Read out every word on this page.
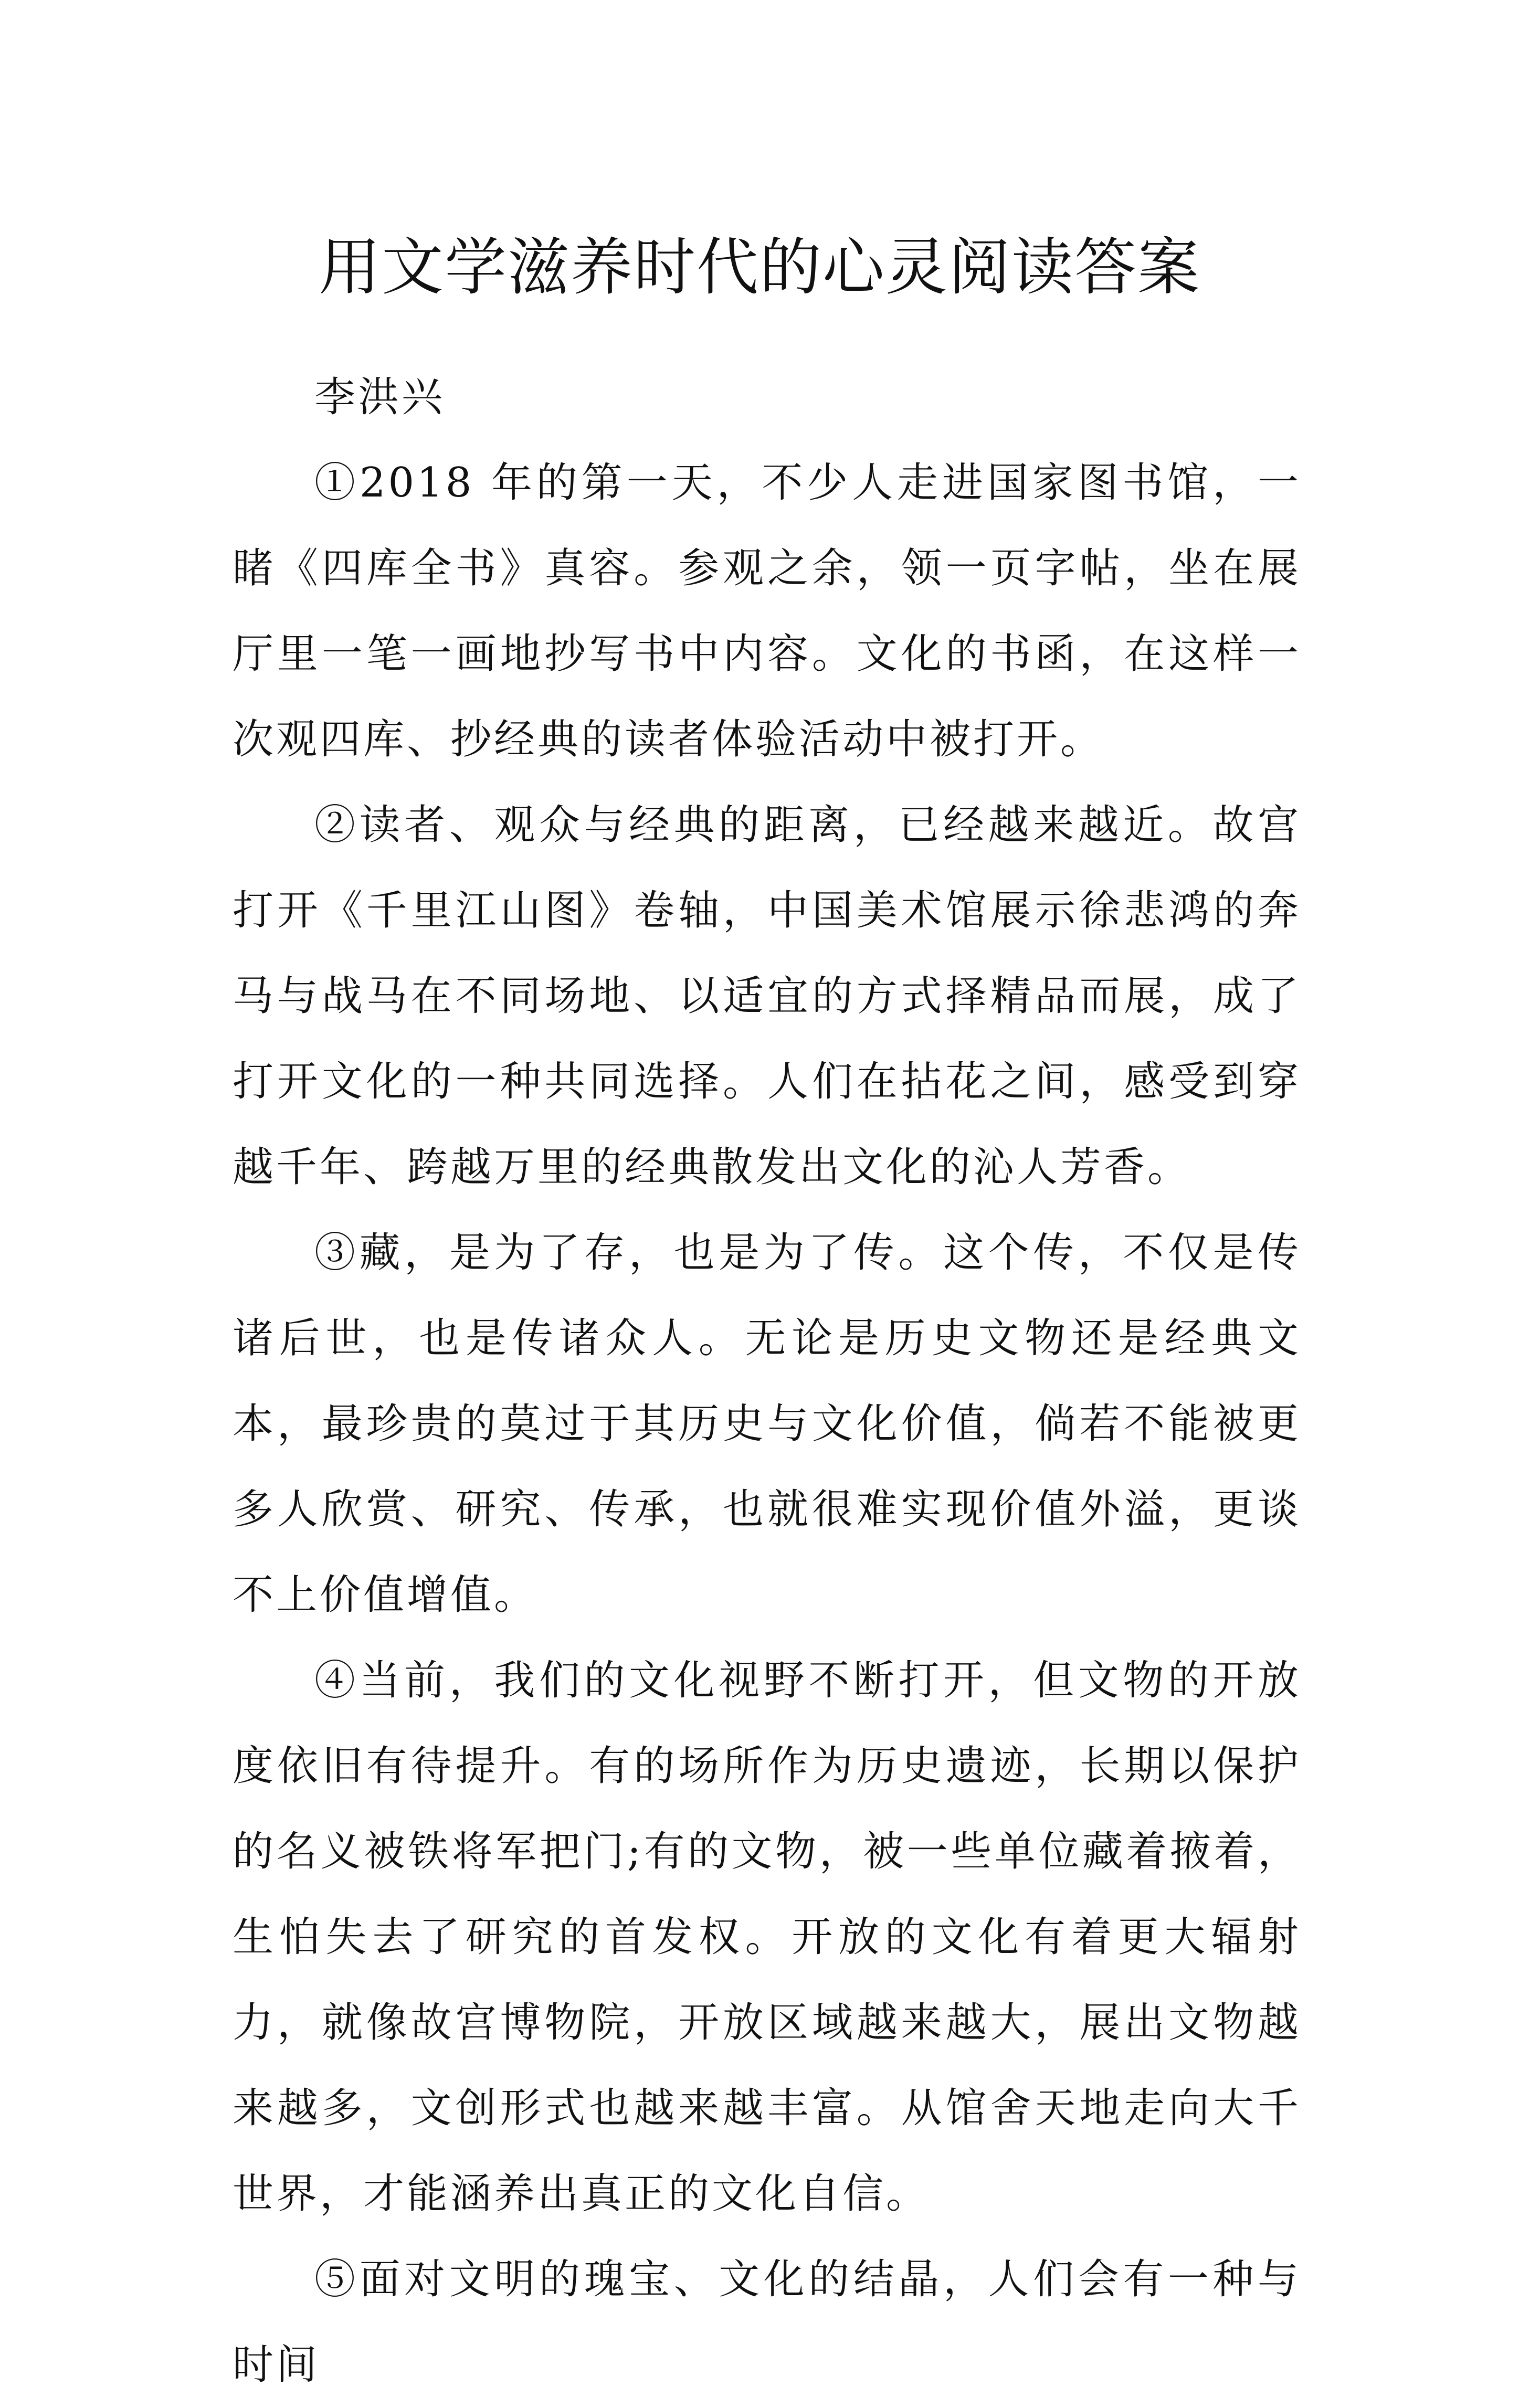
用文学滋养时代的心灵阅读答案

李洪兴

①2018 年的第一天，不少人走进国家图书馆，一睹《四库全书》真容。参观之余，领一页字帖，坐在展厅里一笔一画地抄写书中内容。文化的书函，在这样一次观四库、抄经典的读者体验活动中被打开。

②读者、观众与经典的距离，已经越来越近。故宫打开《千里江山图》卷轴，中国美术馆展示徐悲鸿的奔马与战马在不同场地、以适宜的方式择精品而展，成了打开文化的一种共同选择。人们在拈花之间，感受到穿越千年、跨越万里的经典散发出文化的沁人芳香。

③藏，是为了存，也是为了传。这个传，不仅是传诸后世，也是传诸众人。无论是历史文物还是经典文本，最珍贵的莫过于其历史与文化价值，倘若不能被更多人欣赏、研究、传承，也就很难实现价值外溢，更谈不上价值增值。

④当前，我们的文化视野不断打开，但文物的开放度依旧有待提升。有的场所作为历史遗迹，长期以保护的名义被铁将军把门;有的文物，被一些单位藏着掖着，生怕失去了研究的首发权。开放的文化有着更大辐射力，就像故宫博物院，开放区域越来越大，展出文物越来越多，文创形式也越来越丰富。从馆舍天地走向大千世界，才能涵养出真正的文化自信。

⑤面对文明的瑰宝、文化的结晶，人们会有一种与时间
